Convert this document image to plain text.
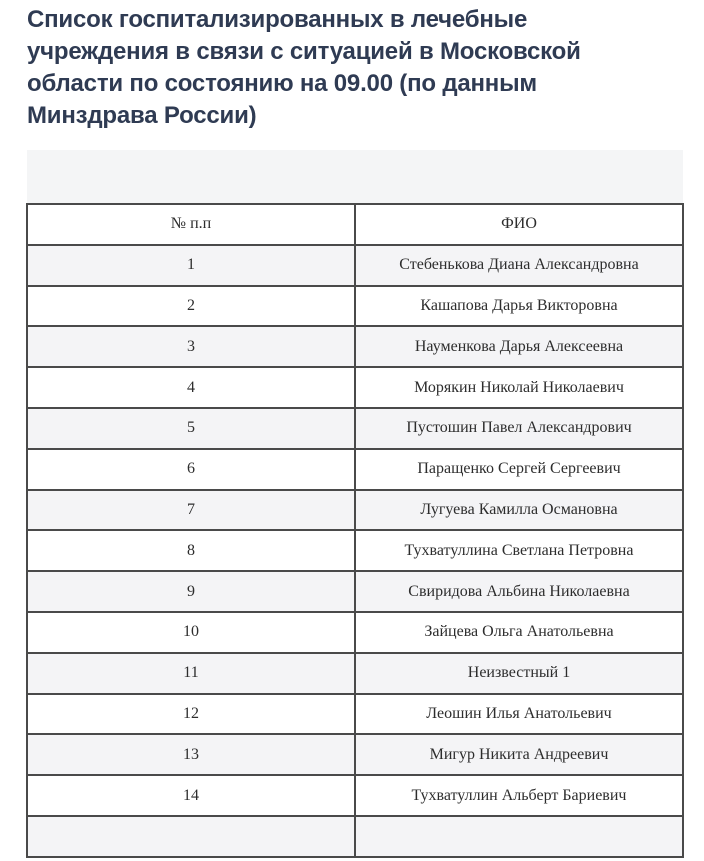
Список госпитализированных в лечебные учреждения в связи с ситуацией в Московской области по состоянию на 09.00 (по данным Минздрава России)
№ п.п	ФИО
1	Стебенькова Диана Александровна
2	Кашапова Дарья Викторовна
3	Науменкова Дарья Алексеевна
4	Морякин Николай Николаевич
5	Пустошин Павел Александрович
6	Паращенко Сергей Сергеевич
7	Лугуева Камилла Османовна
8	Тухватуллина Светлана Петровна
9	Свиридова Альбина Николаевна
10	Зайцева Ольга Анатольевна
11	Неизвестный 1
12	Леошин Илья Анатольевич
13	Мигур Никита Андреевич
14	Тухватуллин Альберт Бариевич
